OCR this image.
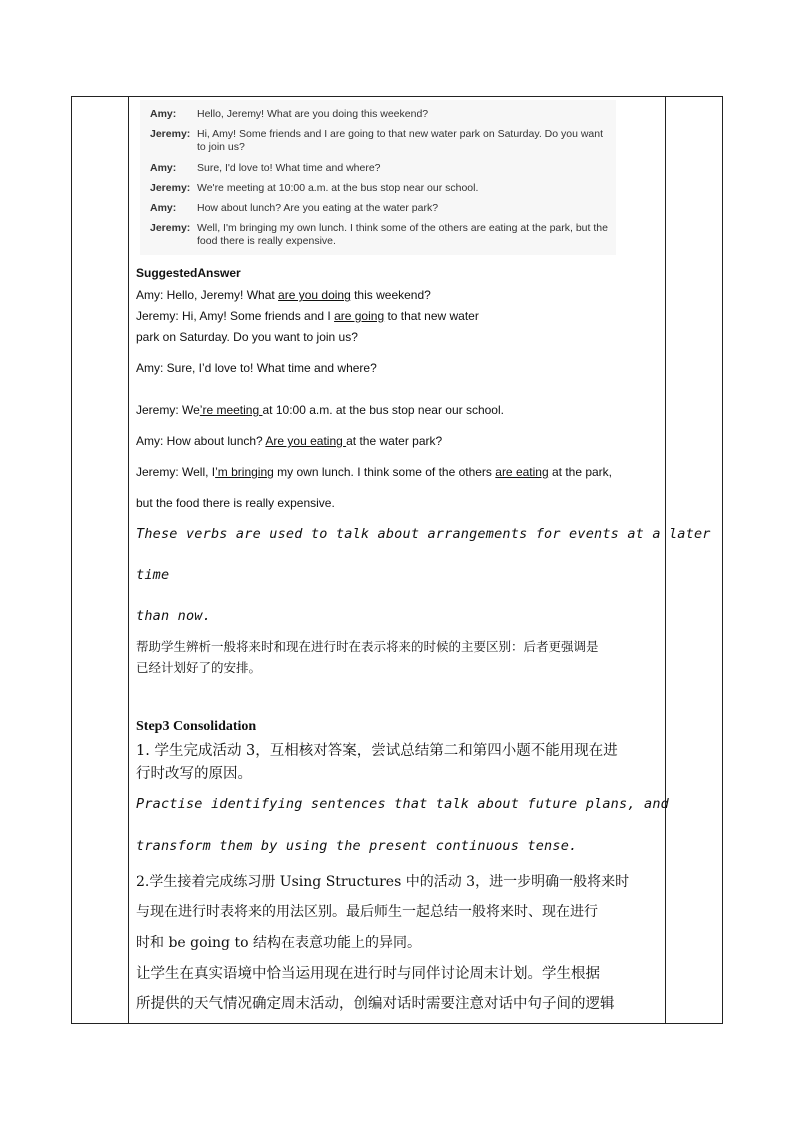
Amy: Hello, Jeremy! What are you doing this weekend?
Jeremy: Hi, Amy! Some friends and I are going to that new water park on Saturday. Do you want to join us?
Amy: Sure, I'd love to! What time and where?
Jeremy: We're meeting at 10:00 a.m. at the bus stop near our school.
Amy: How about lunch? Are you eating at the water park?
Jeremy: Well, I'm bringing my own lunch. I think some of the others are eating at the park, but the food there is really expensive.
SuggestedAnswer
Amy: Hello, Jeremy! What are you doing this weekend?
Jeremy: Hi, Amy! Some friends and I are going to that new water
park on Saturday. Do you want to join us?
Amy: Sure, I’d love to! What time and where?
Jeremy: We’re meeting at 10:00 a.m. at the bus stop near our school.
Amy: How about lunch? Are you eating at the water park?
Jeremy: Well, I’m bringing my own lunch. I think some of the others are eating at the park,
but the food there is really expensive.
These verbs are used to talk about arrangements for events at a later
time
than now.
帮助学生辨析一般将来时和现在进行时在表示将来的时候的主要区别：后者更强调是
已经计划好了的安排。
Step3 Consolidation
1. 学生完成活动 3，互相核对答案，尝试总结第二和第四小题不能用现在进
行时改写的原因。
Practise identifying sentences that talk about future plans, and
transform them by using the present continuous tense.
2.学生接着完成练习册 Using Structures 中的活动 3，进一步明确一般将来时
与现在进行时表将来的用法区别。最后师生一起总结一般将来时、现在进行
时和 be going to 结构在表意功能上的异同。
让学生在真实语境中恰当运用现在进行时与同伴讨论周末计划。学生根据
所提供的天气情况确定周末活动，创编对话时需要注意对话中句子间的逻辑
